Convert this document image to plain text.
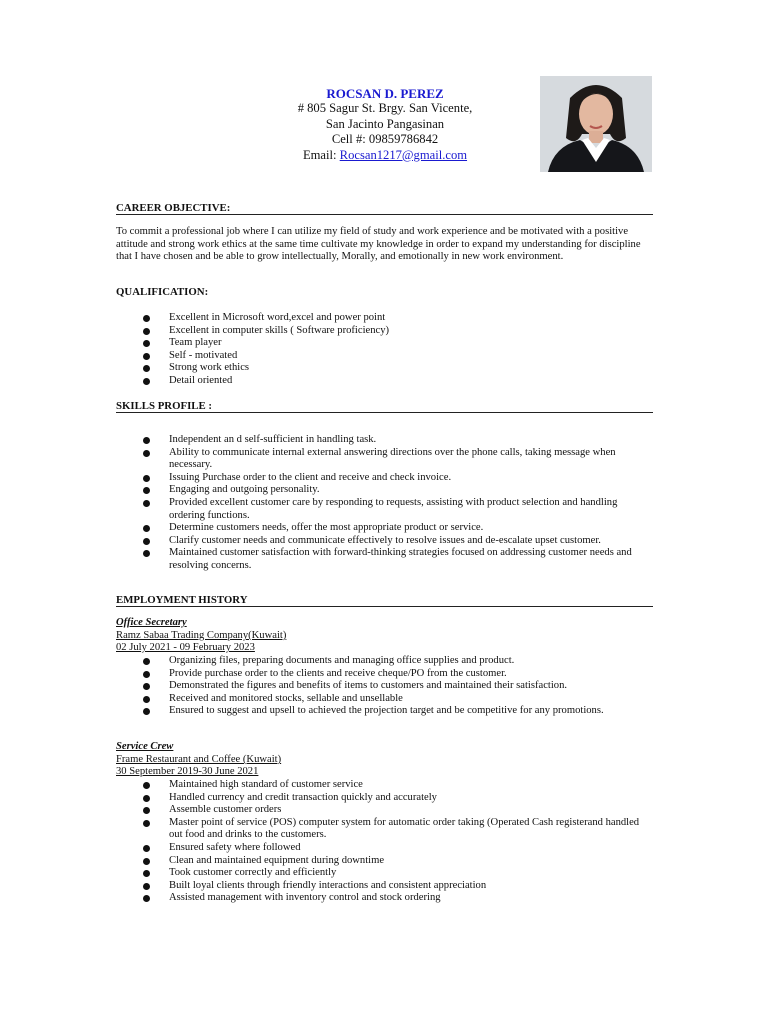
ROCSAN D. PEREZ
# 805 Sagur St. Brgy. San Vicente,
San Jacinto Pangasinan
Cell #: 09859786842
Email: Rocsan1217@gmail.com
CAREER OBJECTIVE:
To commit a professional job where I can utilize my field of study and work experience and be motivated with a positive attitude and strong work ethics at the same time cultivate my knowledge in order to expand my understanding for discipline that I have chosen and be able to grow intellectually, Morally, and emotionally in new work environment.
QUALIFICATION:
Excellent in Microsoft word,excel and power point
Excellent in computer skills ( Software proficiency)
Team player
Self - motivated
Strong work ethics
Detail oriented
SKILLS PROFILE :
Independent an d self-sufficient in handling task.
Ability to communicate internal external answering directions over the phone calls, taking message when necessary.
Issuing Purchase order to the client and receive and check invoice.
Engaging and outgoing personality.
Provided excellent customer care by responding to requests, assisting with product selection and handling ordering functions.
Determine customers needs, offer the most appropriate product or service.
Clarify customer needs and communicate effectively to resolve issues and de-escalate upset customer.
Maintained customer satisfaction with forward-thinking strategies focused on addressing customer needs and resolving concerns.
EMPLOYMENT HISTORY
Office Secretary
Ramz Sabaa Trading Company(Kuwait)
02 July 2021 - 09 February 2023
Organizing files, preparing documents and managing office supplies and product.
Provide purchase order to the clients and receive cheque/PO from the customer.
Demonstrated the figures and benefits of items to customers and maintained their satisfaction.
Received and monitored stocks, sellable and unsellable
Ensured to suggest and upsell to achieved the projection target and be competitive for any promotions.
Service Crew
Frame Restaurant and Coffee (Kuwait)
30 September 2019-30 June 2021
Maintained high standard of customer service
Handled currency and credit transaction quickly and accurately
Assemble customer orders
Master point of service (POS) computer system for automatic order taking (Operated Cash registerand handled out food and drinks to the customers.
Ensured safety where followed
Clean and maintained equipment during downtime
Took customer correctly and efficiently
Built loyal clients through friendly interactions and consistent appreciation
Assisted management with inventory control and stock ordering
